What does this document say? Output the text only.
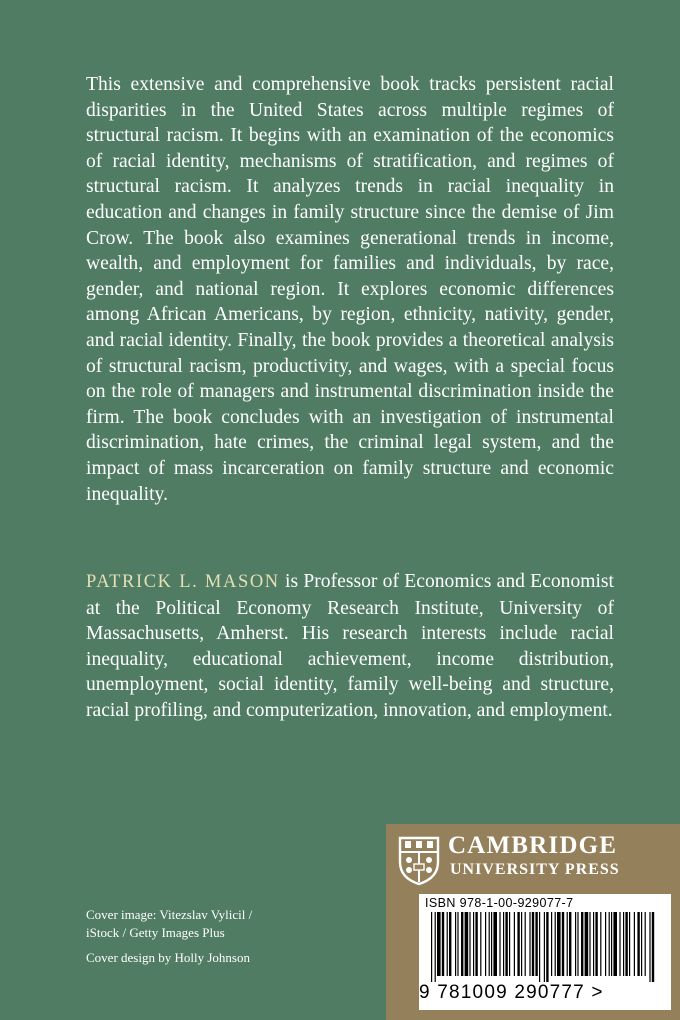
This extensive and comprehensive book tracks persistent racial disparities in the United States across multiple regimes of structural racism. It begins with an examination of the economics of racial identity, mechanisms of stratification, and regimes of structural racism. It analyzes trends in racial inequality in education and changes in family structure since the demise of Jim Crow. The book also examines generational trends in income, wealth, and employment for families and individuals, by race, gender, and national region. It explores economic differences among African Americans, by region, ethnicity, nativity, gender, and racial identity. Finally, the book provides a theoretical analysis of structural racism, productivity, and wages, with a special focus on the role of managers and instrumental discrimination inside the firm. The book concludes with an investigation of instrumental discrimination, hate crimes, the criminal legal system, and the impact of mass incarceration on family structure and economic inequality.

PATRICK L. MASON is Professor of Economics and Economist at the Political Economy Research Institute, University of Massachusetts, Amherst. His research interests include racial inequality, educational achievement, income distribution, unemployment, social identity, family well-being and structure, racial profiling, and computerization, innovation, and employment.

Cover image: Vitezslav Vylicil / iStock / Getty Images Plus

Cover design by Holly Johnson

CAMBRIDGE
UNIVERSITY PRESS
ISBN 978-1-00-929077-7
9 781009 290777 >
